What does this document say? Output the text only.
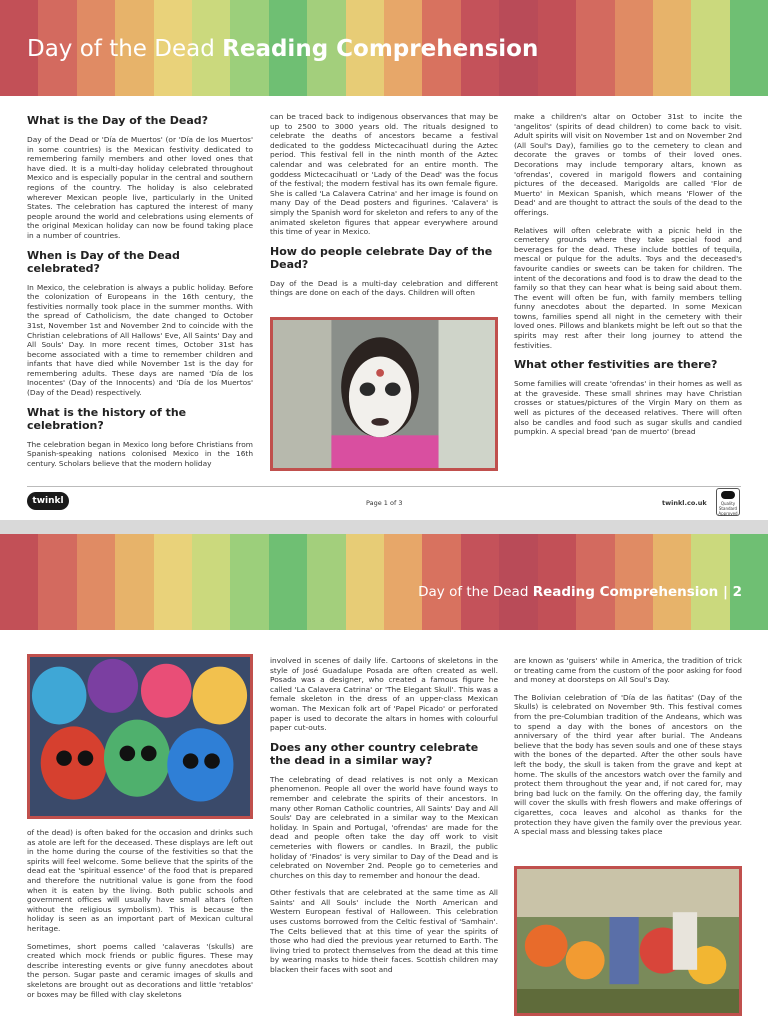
Day of the Dead Reading Comprehension
What is the Day of the Dead?

Day of the Dead or 'Día de Muertos' (or 'Día de los Muertos' in some countries) is the Mexican festivity dedicated to remembering family members and other loved ones that have died. It is a multi-day holiday celebrated throughout Mexico and is especially popular in the central and southern regions of the country. The holiday is also celebrated wherever Mexican people live, particularly in the United States. The celebration has captured the interest of many people around the world and celebrations using elements of the original Mexican holiday can now be found taking place in a number of countries.

When is Day of the Dead celebrated?

In Mexico, the celebration is always a public holiday. Before the colonization of Europeans in the 16th century, the festivities normally took place in the summer months. With the spread of Catholicism, the date changed to October 31st, November 1st and November 2nd to coincide with the Christian celebrations of All Hallows' Eve, All Saints' Day and All Souls' Day. In more recent times, October 31st has become associated with a time to remember children and infants that have died while November 1st is the day for remembering adults. These days are named 'Día de los Inocentes' (Day of the Innocents) and 'Día de los Muertos' (Day of the Dead) respectively.

What is the history of the celebration?

The celebration began in Mexico long before Christians from Spanish-speaking nations colonised Mexico in the 16th century. Scholars believe that the modern holiday

can be traced back to indigenous observances that may be up to 2500 to 3000 years old. The rituals designed to celebrate the deaths of ancestors became a festival dedicated to the goddess Mictecacihuatl during the Aztec period. This festival fell in the ninth month of the Aztec calendar and was celebrated for an entire month. The goddess Mictecacihuatl or 'Lady of the Dead' was the focus of the festival; the modern festival has its own female figure. She is called 'La Calavera Catrina' and her image is found on many Day of the Dead posters and figurines. 'Calavera' is simply the Spanish word for skeleton and refers to any of the animated skeleton figures that appear everywhere around this time of year in Mexico.

How do people celebrate Day of the Dead?

Day of the Dead is a multi-day celebration and different things are done on each of the days. Children will often

make a children's altar on October 31st to incite the 'angelitos' (spirits of dead children) to come back to visit. Adult spirits will visit on November 1st and on November 2nd (All Soul's Day), families go to the cemetery to clean and decorate the graves or tombs of their loved ones. Decorations may include temporary altars, known as 'ofrendas', covered in marigold flowers and containing pictures of the deceased. Marigolds are called 'Flor de Muerto' in Mexican Spanish, which means 'Flower of the Dead' and are thought to attract the souls of the dead to the offerings.

Relatives will often celebrate with a picnic held in the cemetery grounds where they take special food and beverages for the dead. These include bottles of tequila, mescal or pulque for the adults. Toys and the deceased's favourite candies or sweets can be taken for children. The intent of the decorations and food is to draw the dead to the family so that they can hear what is being said about them. The event will often be fun, with family members telling funny anecdotes about the departed. In some Mexican towns, families spend all night in the cemetery with their loved ones. Pillows and blankets might be left out so that the spirits may rest after their long journey to attend the festivities.

What other festivities are there?

Some families will create 'ofrendas' in their homes as well as at the graveside. These small shrines may have Christian crosses or statues/pictures of the Virgin Mary on them as well as pictures of the deceased relatives. There will often also be candles and food such as sugar skulls and candied pumpkin. A special bread 'pan de muerto' (bread

twinkl	Page 1 of 3	twinkl.co.uk	Quality Standard Approved
Day of the Dead Reading Comprehension | 2

of the dead) is often baked for the occasion and drinks such as atole are left for the deceased. These displays are left out in the home during the course of the festivities so that the spirits will feel welcome. Some believe that the spirits of the dead eat the 'spiritual essence' of the food that is prepared and therefore the nutritional value is gone from the food when it is eaten by the living. Both public schools and government offices will usually have small altars (often without the religious symbolism). This is because the holiday is seen as an important part of Mexican cultural heritage.

Sometimes, short poems called 'calaveras '(skulls) are created which mock friends or public figures. These may describe interesting events or give funny anecdotes about the person. Sugar paste and ceramic images of skulls and skeletons are brought out as decorations and little 'retablos' or boxes may be filled with clay skeletons

involved in scenes of daily life. Cartoons of skeletons in the style of José Guadalupe Posada are often created as well. Posada was a designer, who created a famous figure he called 'La Calavera Catrina' or 'The Elegant Skull'. This was a female skeleton in the dress of an upper-class Mexican woman. The Mexican folk art of 'Papel Picado' or perforated paper is used to decorate the altars in homes with colourful paper cut-outs.

Does any other country celebrate the dead in a similar way?

The celebrating of dead relatives is not only a Mexican phenomenon. People all over the world have found ways to remember and celebrate the spirits of their ancestors. In many other Roman Catholic countries, All Saints' Day and All Souls' Day are celebrated in a similar way to the Mexican holiday. In Spain and Portugal, 'ofrendas' are made for the dead and people often take the day off work to visit cemeteries with flowers or candles. In Brazil, the public holiday of 'Finados' is very similar to Day of the Dead and is celebrated on November 2nd. People go to cemeteries and churches on this day to remember and honour the dead.

Other festivals that are celebrated at the same time as All Saints' and All Souls' include the North American and Western European festival of Halloween. This celebration uses customs borrowed from the Celtic festival of 'Samhain'. The Celts believed that at this time of year the spirits of those who had died the previous year returned to Earth. The living tried to protect themselves from the dead at this time by wearing masks to hide their faces. Scottish children may blacken their faces with soot and

are known as 'guisers' while in America, the tradition of trick or treating came from the custom of the poor asking for food and money at doorsteps on All Soul's Day.

The Bolivian celebration of 'Día de las ñatitas' (Day of the Skulls) is celebrated on November 9th. This festival comes from the pre-Columbian tradition of the Andeans, which was to spend a day with the bones of ancestors on the anniversary of the third year after burial. The Andeans believe that the body has seven souls and one of these stays with the bones of the departed. After the other souls have left the body, the skull is taken from the grave and kept at home. The skulls of the ancestors watch over the family and protect them throughout the year and, if not cared for, may bring bad luck on the family. On the offering day, the family will cover the skulls with fresh flowers and make offerings of cigarettes, coca leaves and alcohol as thanks for the protection they have given the family over the previous year. A special mass and blessing takes place
